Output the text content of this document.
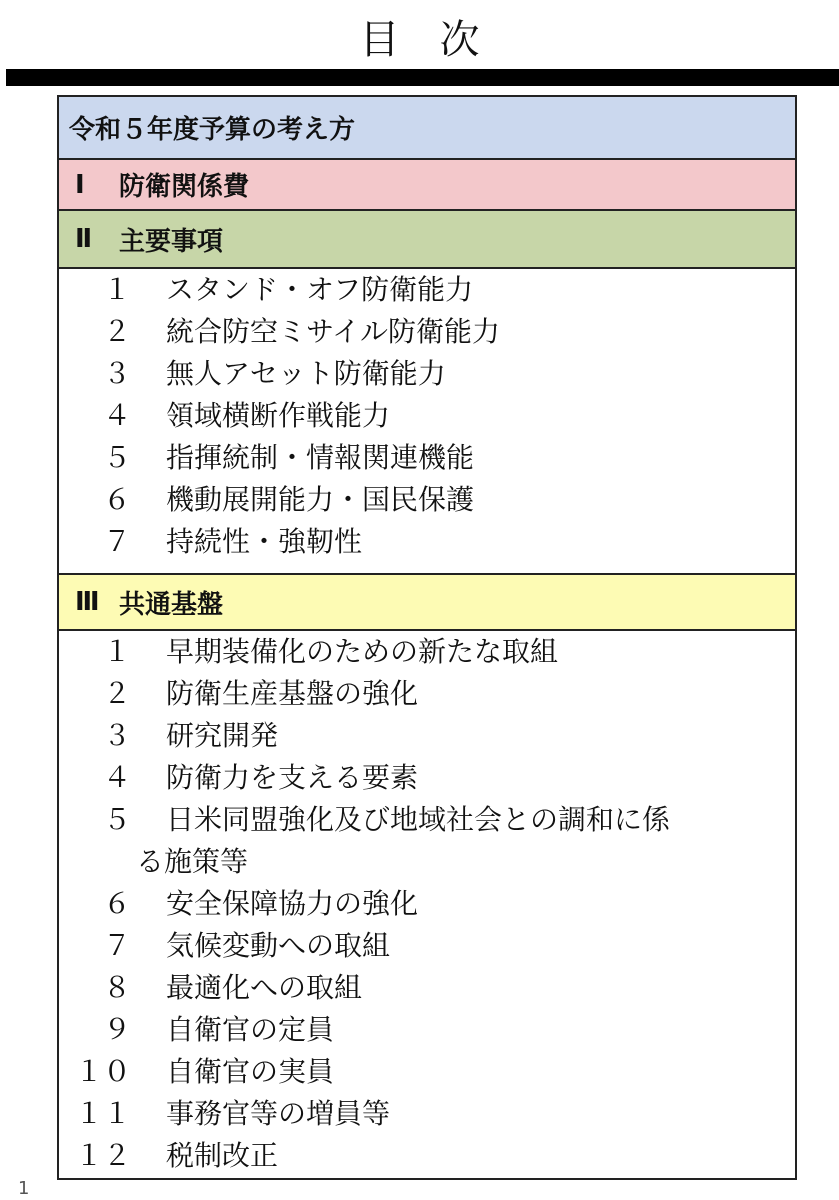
目 次
令和５年度予算の考え方
Ⅰ	防衛関係費
Ⅱ	主要事項
１ スタンド・オフ防衛能力
２ 統合防空ミサイル防衛能力
３ 無人アセット防衛能力
４ 領域横断作戦能力
５ 指揮統制・情報関連機能
６ 機動展開能力・国民保護
７ 持続性・強靭性
Ⅲ 共通基盤
１ 早期装備化のための新たな取組
２ 防衛生産基盤の強化
３ 研究開発
４ 防衛力を支える要素
５ 日米同盟強化及び地域社会との調和に係
る施策等
６ 安全保障協力の強化
７ 気候変動への取組
８ 最適化への取組
９ 自衛官の定員
１０ 自衛官の実員
１１ 事務官等の増員等
１２ 税制改正
1
